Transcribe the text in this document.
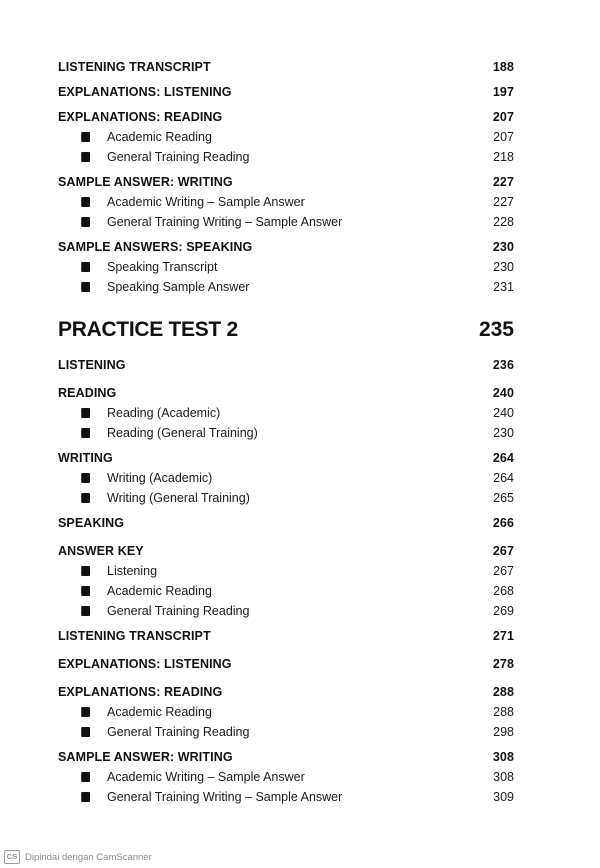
LISTENING TRANSCRIPT	188
EXPLANATIONS: LISTENING	197
EXPLANATIONS: READING	207
Academic Reading	207
General Training Reading	218
SAMPLE ANSWER: WRITING	227
Academic Writing – Sample Answer	227
General Training Writing – Sample Answer	228
SAMPLE ANSWERS: SPEAKING	230
Speaking Transcript	230
Speaking Sample Answer	231
PRACTICE TEST 2	235
LISTENING	236
READING	240
Reading (Academic)	240
Reading (General Training)	230
WRITING	264
Writing (Academic)	264
Writing (General Training)	265
SPEAKING	266
ANSWER KEY	267
Listening	267
Academic Reading	268
General Training Reading	269
LISTENING TRANSCRIPT	271
EXPLANATIONS: LISTENING	278
EXPLANATIONS: READING	288
Academic Reading	288
General Training Reading	298
SAMPLE ANSWER: WRITING	308
Academic Writing – Sample Answer	308
General Training Writing – Sample Answer	309
CS Dipindai dengan CamScanner
